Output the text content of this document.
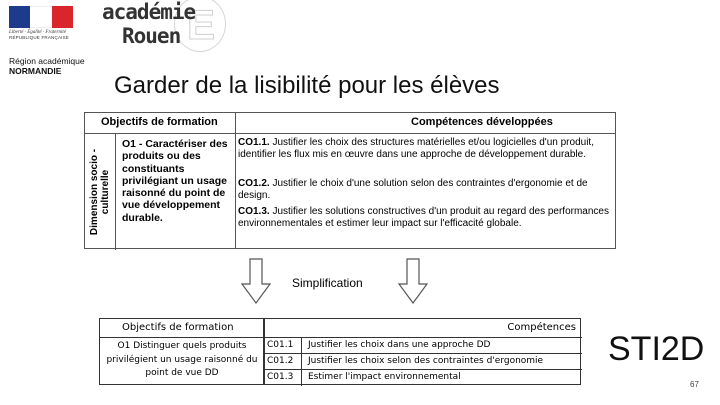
Liberté · Égalité · Fraternité
RÉPUBLIQUE FRANÇAISE
Région académique
NORMANDIE
E
académie
Rouen
Garder de la lisibilité pour les élèves
Objectifs de formation	Compétences développées
Dimension socio - culturelle
O1 - Caractériser des produits ou des constituants privilégiant un usage raisonné du point de vue développement durable.
CO1.1. Justifier les choix des structures matérielles et/ou logicielles d'un produit, identifier les flux mis en œuvre dans une approche de développement durable.
CO1.2. Justifier le choix d'une solution selon des contraintes d'ergonomie et de design.
CO1.3. Justifier les solutions constructives d'un produit au regard des performances environnementales et estimer leur impact sur l'efficacité globale.
Simplification
Objectifs de formation	Compétences
O1 Distinguer quels produits privilégient un usage raisonné du point de vue DD
C01.1 Justifier les choix dans une approche DD
C01.2 Justifier les choix selon des contraintes d'ergonomie
C01.3 Estimer l'impact environnemental
STI2D
67
